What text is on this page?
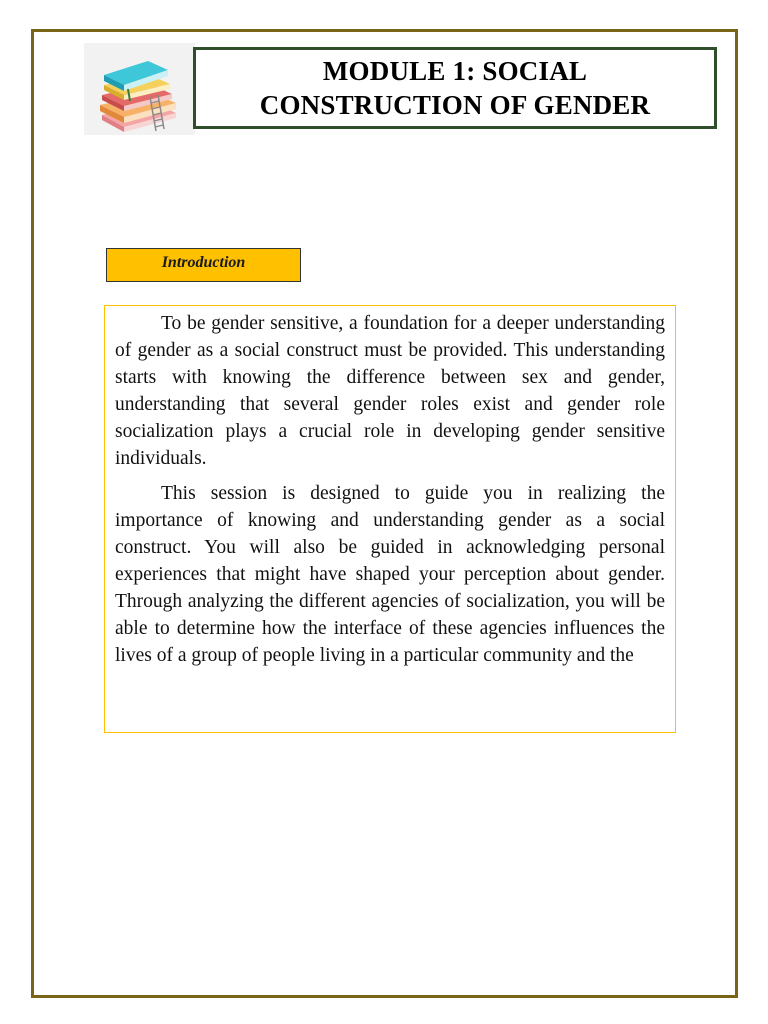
MODULE 1: SOCIAL
CONSTRUCTION OF GENDER
Introduction

To be gender sensitive, a foundation for a deeper understanding of gender as a social construct must be provided. This understanding starts with knowing the difference between sex and gender, understanding that several gender roles exist and gender role socialization plays a crucial role in developing gender sensitive individuals.

This session is designed to guide you in realizing the importance of knowing and understanding gender as a social construct. You will also be guided in acknowledging personal experiences that might have shaped your perception about gender. Through analyzing the different agencies of socialization, you will be able to determine how the interface of these agencies influences the lives of a group of people living in a particular community and the
